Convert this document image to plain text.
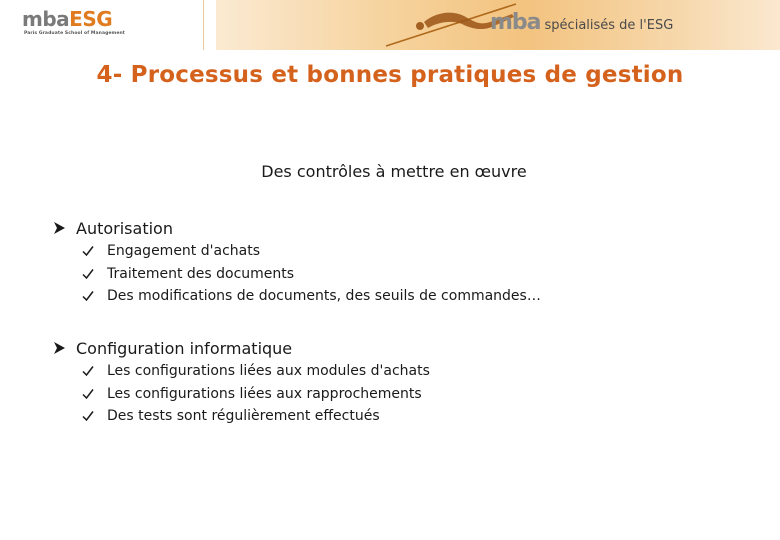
mbaESG
Paris Graduate School of Management	mba spécialisés de l'ESG
4- Processus et bonnes pratiques de gestion
Des contrôles à mettre en œuvre
Autorisation
Engagement d'achats
Traitement des documents
Des modifications de documents, des seuils de commandes…
Configuration informatique
Les configurations liées aux modules d'achats
Les configurations liées aux rapprochements
Des tests sont régulièrement effectués
